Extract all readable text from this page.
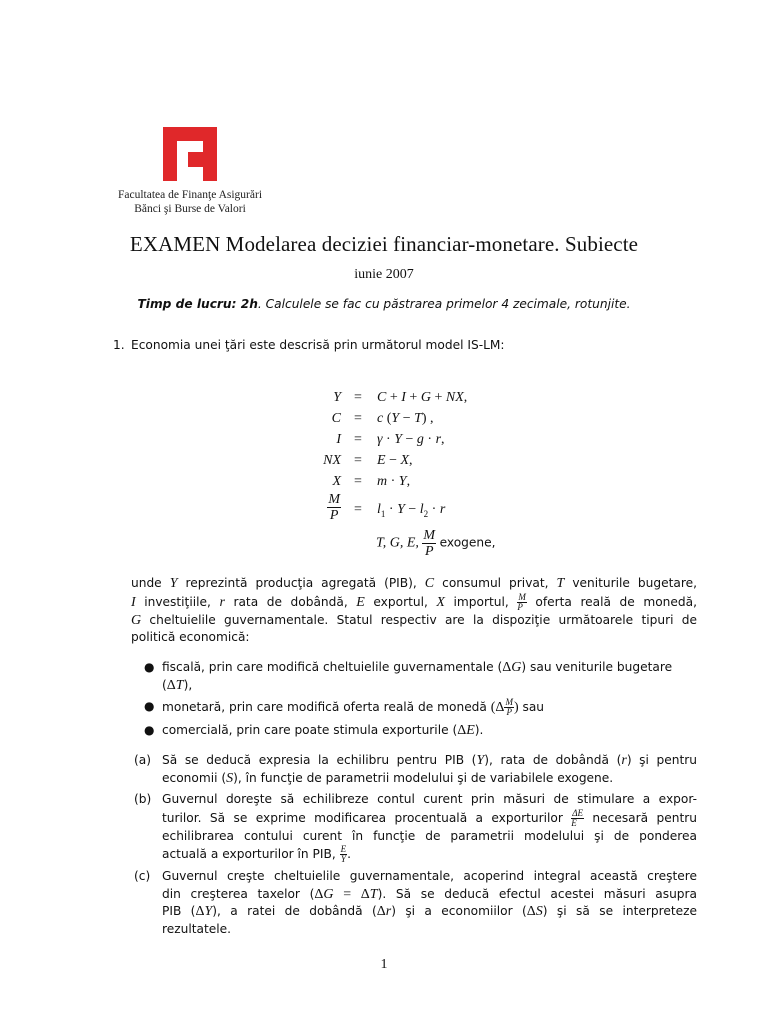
Facultatea de Finanţe Asigurări
Bănci şi Burse de Valori
EXAMEN Modelarea deciziei financiar-monetare. Subiecte
iunie 2007
Timp de lucru: 2h. Calculele se fac cu păstrarea primelor 4 zecimale, rotunjite.
1. Economia unei ţări este descrisă prin următorul model IS-LM:
Y = C + I + G + NX,
C = c (Y − T) ,
I = γ · Y − g · r,
NX = E − X,
X = m · Y,
$\frac{M}{P} = l_1 \cdot Y - l_2 \cdot r$
T, G, E, $\frac{M}{P}$ exogene,
unde Y reprezintă producţia agregată (PIB), C consumul privat, T veniturile bugetare,
I investiţiile, r rata de dobândă, E exportul, X importul, $\frac{M}{P}$ oferta reală de monedă,
G cheltuielile guvernamentale. Statul respectiv are la dispoziţie următoarele tipuri de
politică economică:
● fiscală, prin care modifică cheltuielile guvernamentale (ΔG) sau veniturile bugetare
(ΔT),
● monetară, prin care modifică oferta reală de monedă ($\Delta \frac{M}{P}$ ) sau
● comercială, prin care poate stimula exporturile (ΔE).
(a) Să se deducă expresia la echilibru pentru PIB (Y), rata de dobândă (r) şi pentru
economii (S), în funcţie de parametrii modelului şi de variabilele exogene.
(b) Guvernul doreşte să echilibreze contul curent prin măsuri de stimulare a expor-
turilor. Să se exprime modificarea procentuală a exporturilor $\frac{\Delta E}{E}$ necesară pentru
echilibrarea contului curent în funcţie de parametrii modelului şi de ponderea
actuală a exporturilor în PIB, $\frac{E}{Y}$ .
(c) Guvernul creşte cheltuielile guvernamentale, acoperind integral această creştere
din creşterea taxelor (ΔG = ΔT). Să se deducă efectul acestei măsuri asupra
PIB (ΔY), a ratei de dobândă (Δr) şi a economiilor (ΔS) şi să se interpreteze
rezultatele.
1
